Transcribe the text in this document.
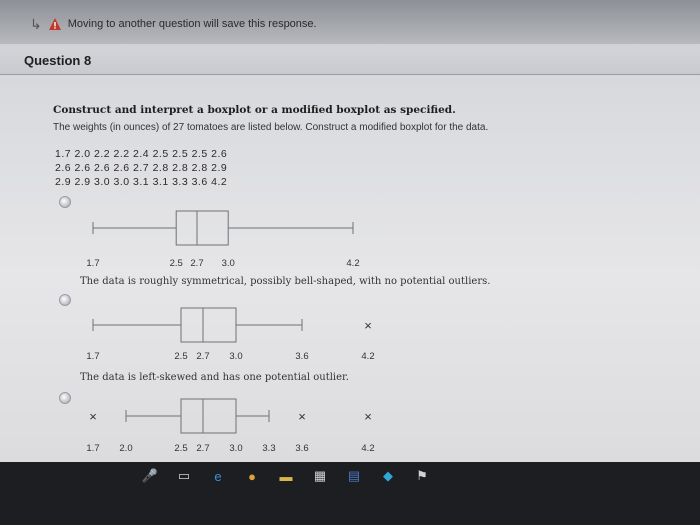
↳ Moving to another question will save this response.
Question 8
Construct and interpret a boxplot or a modified boxplot as specified.
The weights (in ounces) of 27 tomatoes are listed below. Construct a modified boxplot for the data.
1.7 2.0 2.2 2.2 2.4 2.5 2.5 2.5 2.6
2.6 2.6 2.6 2.6 2.7 2.8 2.8 2.8 2.9
2.9 2.9 3.0 3.0 3.1 3.1 3.3 3.6 4.2
1.7	2.5 2.7 3.0	4.2
×
1.7	2.5 2.7 3.0	3.6	4.2
×	×	×
1.7 2.0	2.5 2.7 3.0 3.3 3.6	4.2
The data is roughly symmetrical, possibly bell-shaped, with no potential outliers.
The data is left-skewed and has one potential outlier.
🎤 ▭	e	●	▬ ▦ ▤	◆	⚑
